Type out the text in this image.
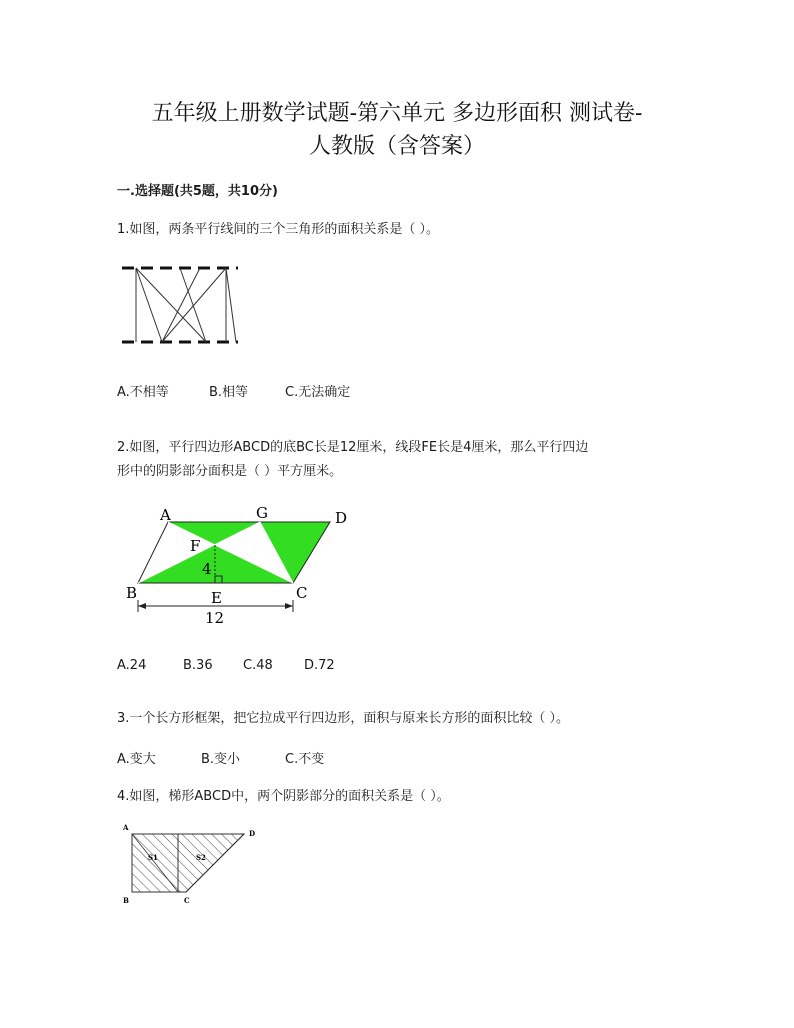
五年级上册数学试题-第六单元 多边形面积 测试卷-
人教版（含答案）
一.选择题(共5题，共10分)
1.如图，两条平行线间的三个三角形的面积关系是（ ）。
A.不相等	B.相等	C.无法确定
2.如图，平行四边形ABCD的底BC长是12厘米，线段FE长是4厘米，那么平行四边
形中的阴影部分面积是（ ）平方厘米。
A	G	D
F
4
B	E	C
12
A.24	B.36 C.48 D.72
3.一个长方形框架，把它拉成平行四边形，面积与原来长方形的面积比较（ ）。
A.变大	B.变小	C.不变
4.如图，梯形ABCD中，两个阴影部分的面积关系是（ ）。
A
D
B	C
S1	S2
